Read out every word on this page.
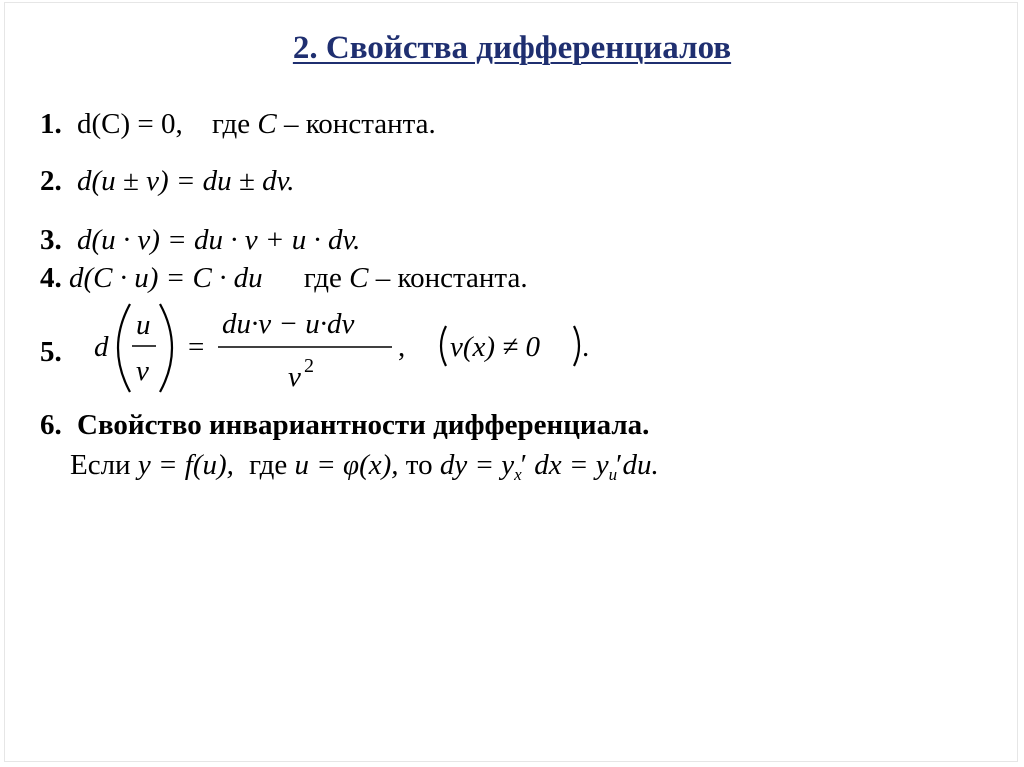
2. Свойства дифференциалов
1. d(C) = 0, где C – константа.
2. d(u ± v) = du ± dv.
3. d(u · v) = du · v + u · dv.
4. d(C · u) = C · du где C – константа.
5. d
u
v
=
du·v − u·dv
v 2
, v(x) ≠ 0 .
6. Свойство инвариантности дифференциала.
Если y = f(u), где u = φ(x), то dy = $y_x'$ dx = $y_u'du$.
